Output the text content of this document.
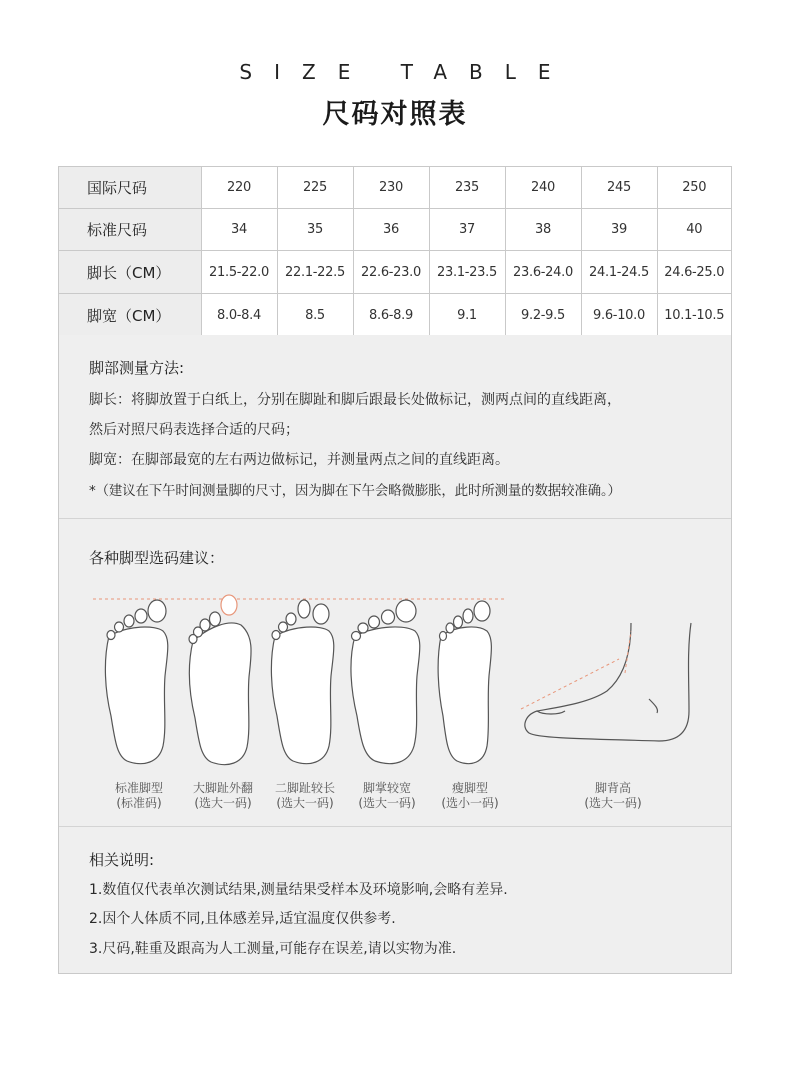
SIZE TABLE
尺码对照表
国际尺码	220	225	230	235	240	245	250
标准尺码	34	35	36	37	38	39	40
脚长（CM）	21.5-22.0	22.1-22.5	22.6-23.0	23.1-23.5	23.6-24.0	24.1-24.5	24.6-25.0
脚宽（CM）	8.0-8.4	8.5	8.6-8.9	9.1	9.2-9.5	9.6-10.0	10.1-10.5
脚部测量方法:
脚长：将脚放置于白纸上，分别在脚趾和脚后跟最长处做标记，测两点间的直线距离，
然后对照尺码表选择合适的尺码；
脚宽：在脚部最宽的左右两边做标记，并测量两点之间的直线距离。
*（建议在下午时间测量脚的尺寸，因为脚在下午会略微膨胀，此时所测量的数据较准确。）
各种脚型选码建议：
标准脚型
(标准码)
大脚趾外翻
(选大一码)
二脚趾较长
(选大一码)
脚掌较宽
(选大一码)
瘦脚型
(选小一码)
脚背高
(选大一码)
相关说明:
1.数值仅代表单次测试结果,测量结果受样本及环境影响,会略有差异.
2.因个人体质不同,且体感差异,适宜温度仅供参考.
3.尺码,鞋重及跟高为人工测量,可能存在误差,请以实物为准.
